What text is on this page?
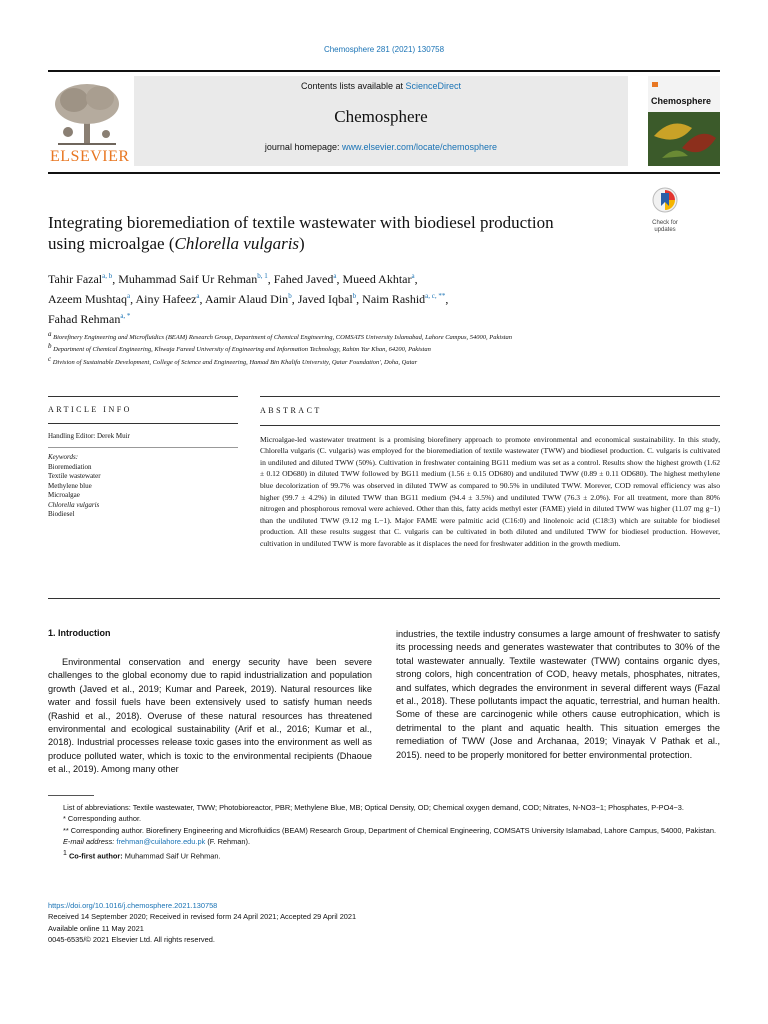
Chemosphere 281 (2021) 130758
ELSEVIER
Contents lists available at ScienceDirect
Chemosphere
journal homepage: www.elsevier.com/locate/chemosphere
Chemosphere
Integrating bioremediation of textile wastewater with biodiesel production
using microalgae (Chlorella vulgaris)
Check for
updates
Tahir Fazal$^{a, b}$, Muhammad Saif Ur Rehman$^{b, 1}$, Fahed Javed$^a$, Mueed Akhtar$^a$,
Azeem Mushtaq$^a$, Ainy Hafeez$^a$, Aamir Alaud Din$^b$, Javed Iqbal$^b$, Naim Rashid$^{a, c, **}$,
Fahad Rehman$^{a, *}$
$^a$ Biorefinery Engineering and Microfluidics (BEAM) Research Group, Department of Chemical Engineering, COMSATS University Islamabad, Lahore Campus, 54000, Pakistan
$^b$ Department of Chemical Engineering, Khwaja Fareed University of Engineering and Information Technology, Rahim Yar Khan, 64200, Pakistan
$^c$ Division of Sustainable Development, College of Science and Engineering, Hamad Bin Khalifa University, Qatar Foundation', Doha, Qatar
ARTICLE INFO
Handling Editor: Derek Muir
Keywords:
Bioremediation
Textile wastewater
Methylene blue
Microalgae
Chlorella vulgaris
Biodiesel
ABSTRACT
Microalgae-led wastewater treatment is a promising biorefinery approach to promote environmental and economical sustainability. In this study, Chlorella vulgaris (C. vulgaris) was employed for the bioremediation of textile wastewater (TWW) and biodiesel production. C. vulgaris is cultivated in undiluted and diluted TWW (50%). Cultivation in freshwater containing BG11 medium was set as a control. Results show the highest growth (1.62 ± 0.12 OD680) in diluted TWW followed by BG11 medium (1.56 ± 0.15 OD680) and undiluted TWW (0.89 ± 0.11 OD680). The highest methylene blue decolorization of 99.7% was observed in diluted TWW as compared to 90.5% in undiluted TWW. Morever, COD removal efficiency was also higher (99.7 ± 4.2%) in diluted TWW than BG11 medium (94.4 ± 3.5%) and undiluted TWW (76.3 ± 2.0%). For all treatment, more than 80% nitrogen and phosphorous removal were achieved. Other than this, fatty acids methyl ester (FAME) yield in diluted TWW was higher (11.07 mg g−1) than the undiluted TWW (9.12 mg L−1). Major FAME were palmitic acid (C16:0) and linolenoic acid (C18:3) which are suitable for biodiesel production. All these results suggest that C. vulgaris can be cultivated in both diluted and undiluted TWW for biodiesel production. However, cultivation in undiluted TWW is more favorable as it displaces the need for freshwater addition in the growth medium.
1. Introduction

Environmental conservation and energy security have been severe challenges to the global economy due to rapid industrialization and population growth (Javed et al., 2019; Kumar and Pareek, 2019). Natural resources like water and fossil fuels have been extensively used to satisfy human needs (Rashid et al., 2018). Overuse of these natural resources has threatened environmental and ecological sustainability (Arif et al., 2016; Kumar et al., 2018). Industrial processes release toxic gases into the environment as well as produce polluted water, which is toxic to the environmental recipients (Dhaoue et al., 2019). Among many other

industries, the textile industry consumes a large amount of freshwater to satisfy its processing needs and generates wastewater that contributes to 30% of the total wastewater annually. Textile wastewater (TWW) contains organic dyes, strong colors, high concentration of COD, heavy metals, phosphates, nitrates, and sulfates, which degrades the environment in several different ways (Fazal et al., 2018). These pollutants impact the aquatic, terrestrial, and human health. Some of these are carcinogenic while others cause eutrophication, which is detrimental to the plant and aquatic health. This situation emerges the remediation of TWW (Jose and Archanaa, 2019; Vinayak V Pathak et al., 2015). need to be properly monitored for better environmental protection.
List of abbreviations: Textile wastewater, TWW; Photobioreactor, PBR; Methylene Blue, MB; Optical Density, OD; Chemical oxygen demand, COD; Nitrates, N-NO3−1; Phosphates, P-PO4−3.
* Corresponding author.
** Corresponding author. Biorefinery Engineering and Microfluidics (BEAM) Research Group, Department of Chemical Engineering, COMSATS University Islamabad, Lahore Campus, 54000, Pakistan.
E-mail address: frehman@cuilahore.edu.pk (F. Rehman).
$^1$ Co-first author: Muhammad Saif Ur Rehman.
https://doi.org/10.1016/j.chemosphere.2021.130758
Received 14 September 2020; Received in revised form 24 April 2021; Accepted 29 April 2021
Available online 11 May 2021
0045-6535/© 2021 Elsevier Ltd. All rights reserved.
